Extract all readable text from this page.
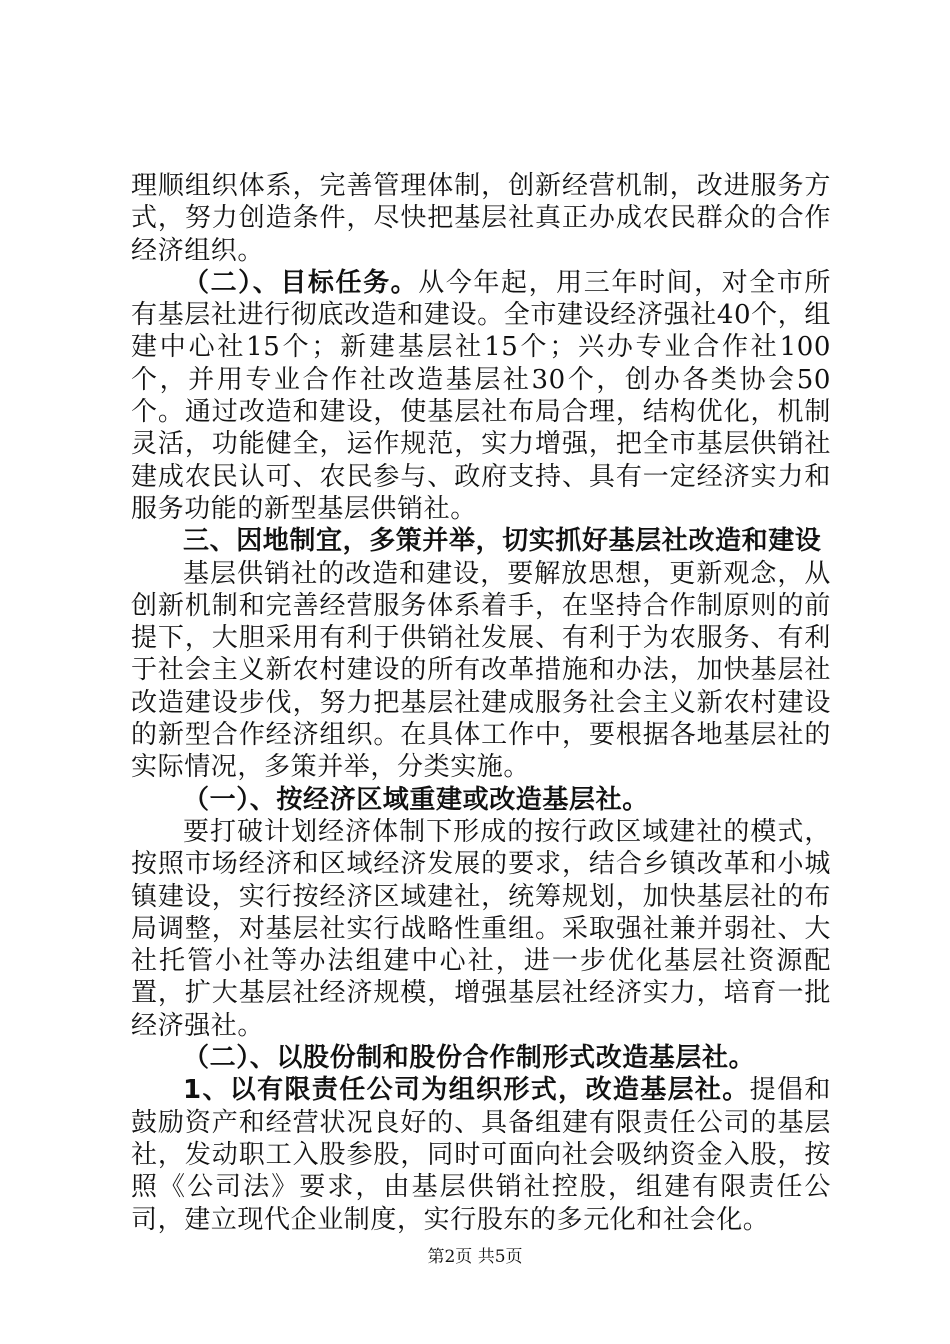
理顺组织体系，完善管理体制，创新经营机制，改进服务方式，努力创造条件，尽快把基层社真正办成农民群众的合作经济组织。

（二）、目标任务。从今年起，用三年时间，对全市所有基层社进行彻底改造和建设。全市建设经济强社40个，组建中心社15个；新建基层社15个；兴办专业合作社100个，并用专业合作社改造基层社30个，创办各类协会50个。通过改造和建设，使基层社布局合理，结构优化，机制灵活，功能健全，运作规范，实力增强，把全市基层供销社建成农民认可、农民参与、政府支持、具有一定经济实力和服务功能的新型基层供销社。

三、因地制宜，多策并举，切实抓好基层社改造和建设

基层供销社的改造和建设，要解放思想，更新观念，从创新机制和完善经营服务体系着手，在坚持合作制原则的前提下，大胆采用有利于供销社发展、有利于为农服务、有利于社会主义新农村建设的所有改革措施和办法，加快基层社改造建设步伐，努力把基层社建成服务社会主义新农村建设的新型合作经济组织。在具体工作中，要根据各地基层社的实际情况，多策并举，分类实施。

（一）、按经济区域重建或改造基层社。

要打破计划经济体制下形成的按行政区域建社的模式，按照市场经济和区域经济发展的要求，结合乡镇改革和小城镇建设，实行按经济区域建社，统筹规划，加快基层社的布局调整，对基层社实行战略性重组。采取强社兼并弱社、大社托管小社等办法组建中心社，进一步优化基层社资源配置，扩大基层社经济规模，增强基层社经济实力，培育一批经济强社。

（二）、以股份制和股份合作制形式改造基层社。

1、以有限责任公司为组织形式，改造基层社。提倡和鼓励资产和经营状况良好的、具备组建有限责任公司的基层社，发动职工入股参股，同时可面向社会吸纳资金入股，按照《公司法》要求，由基层供销社控股，组建有限责任公司，建立现代企业制度，实行股东的多元化和社会化。

第2页 共5页
